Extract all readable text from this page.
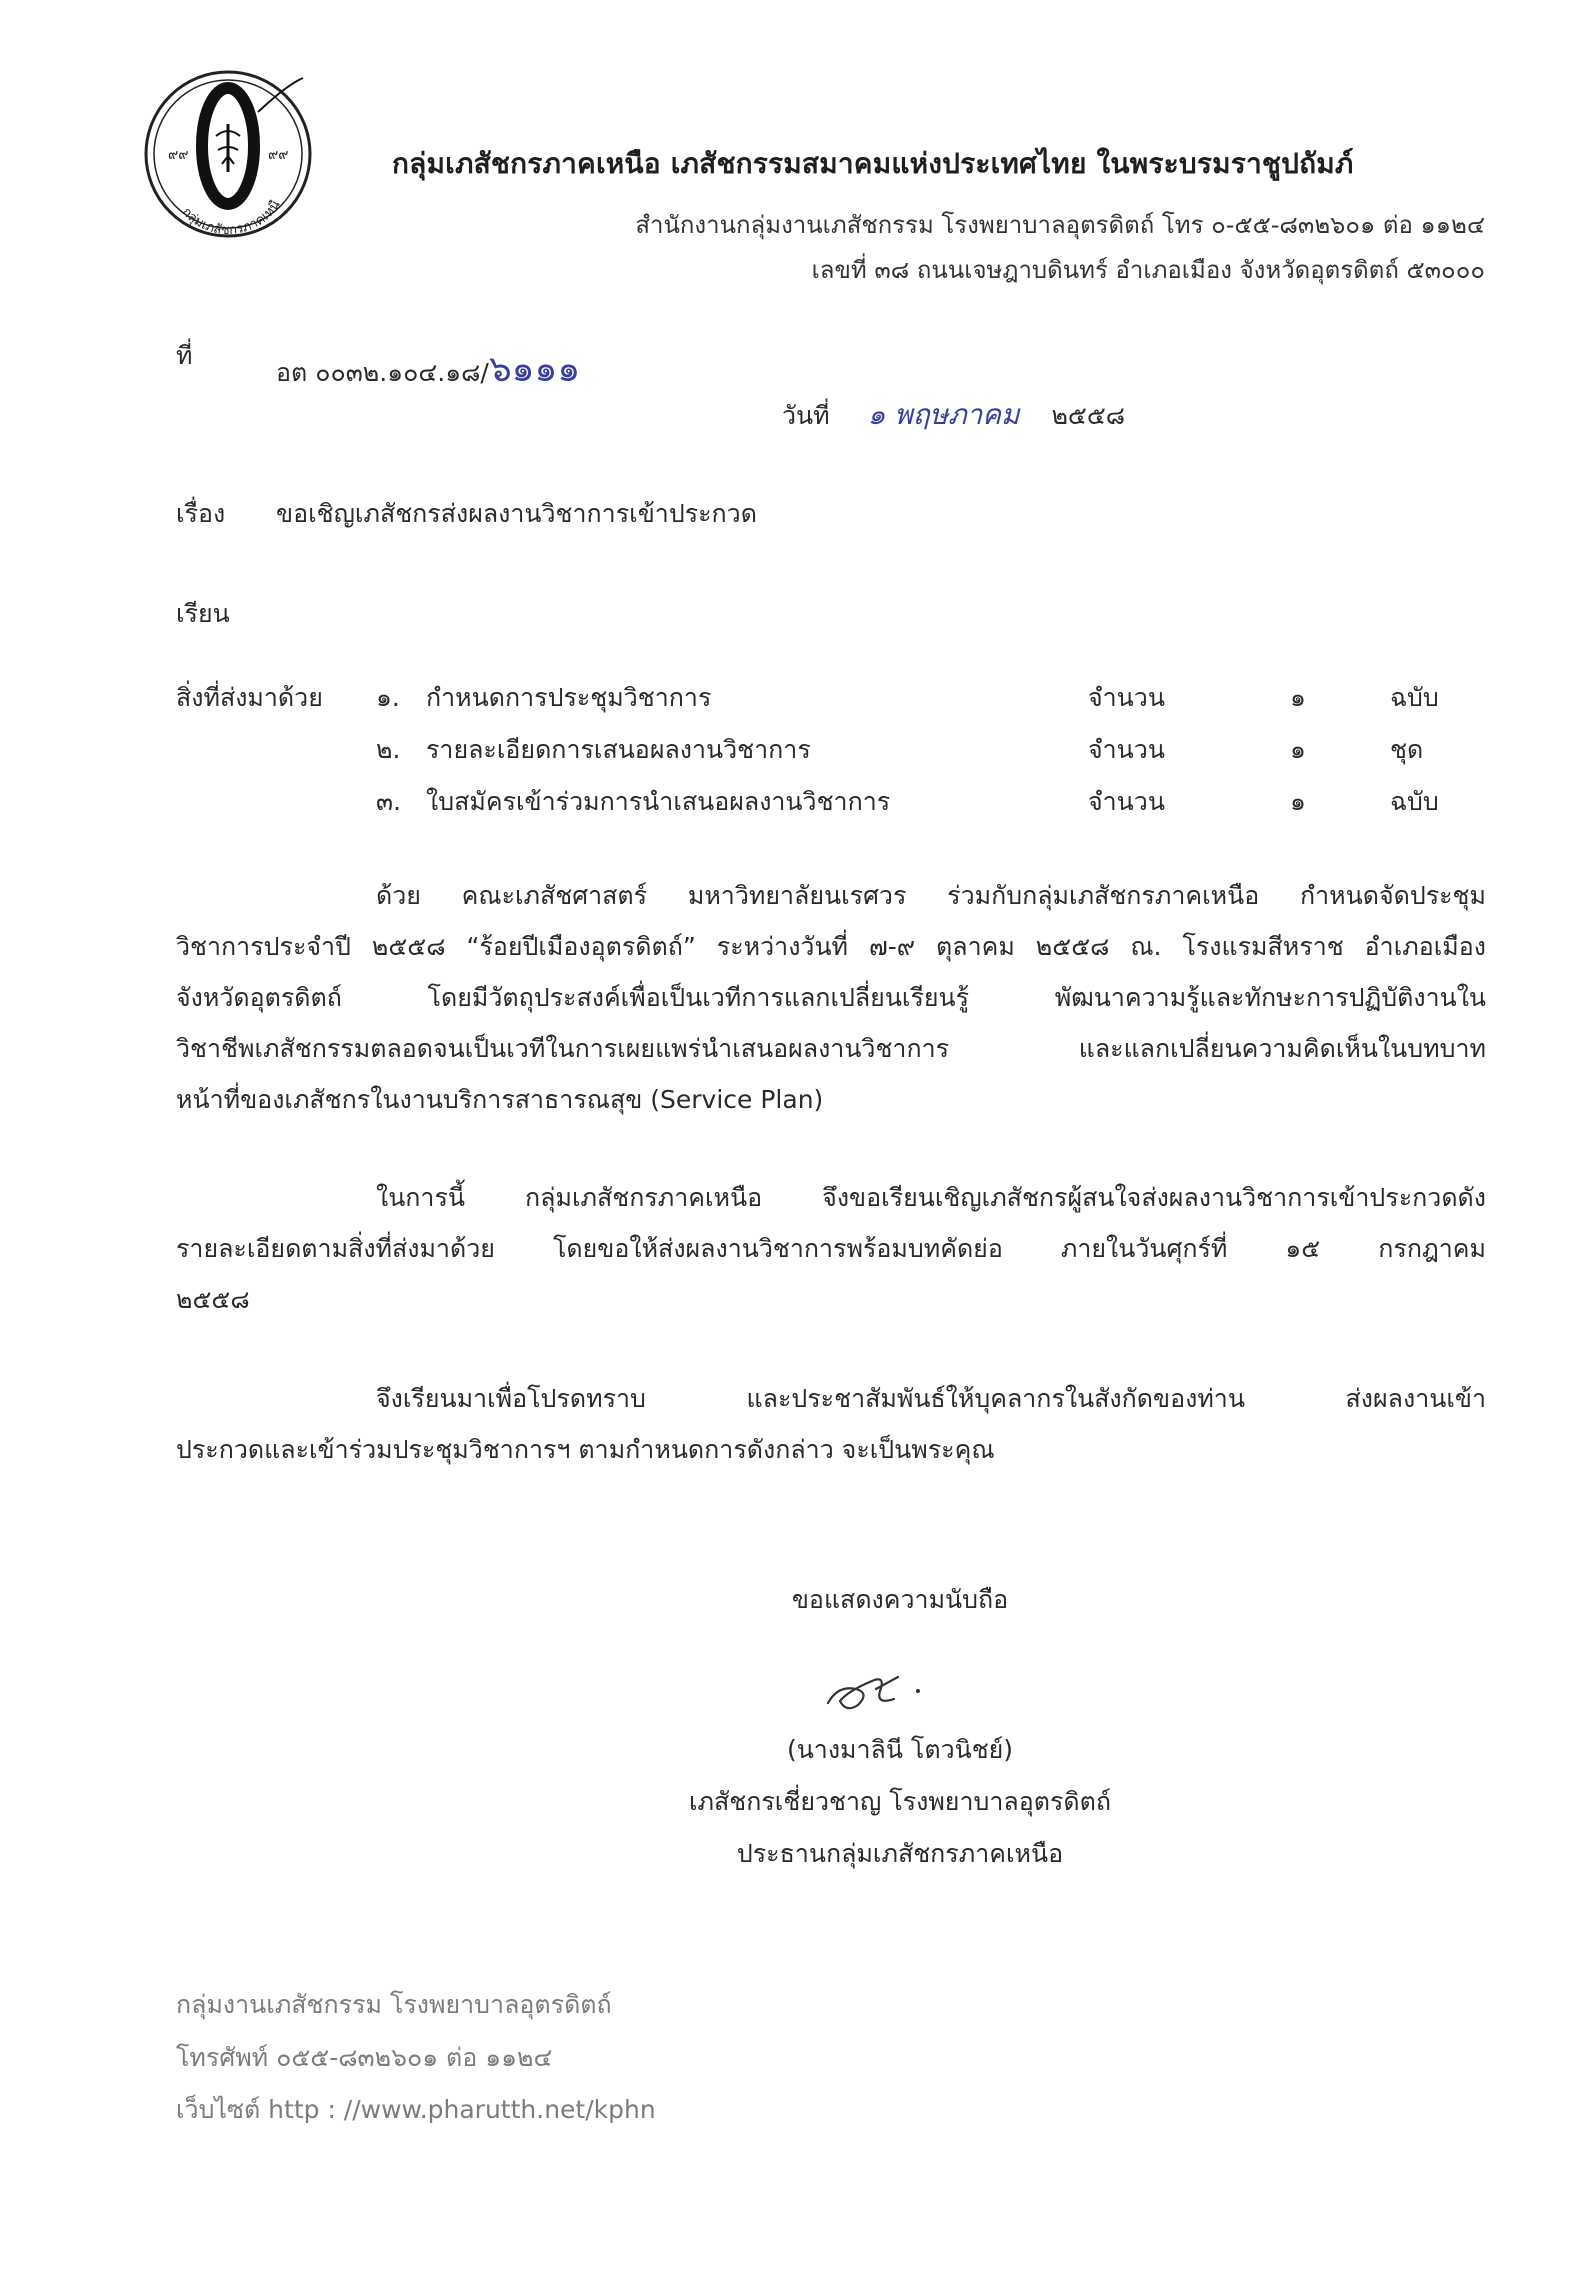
๙๙	๙๙
กลุ่มเภสัชกรภาคเหนื
กลุ่มเภสัชกรภาคเหนือ เภสัชกรรมสมาคมแห่งประเทศไทย ในพระบรมราชูปถัมภ์
สำนักงานกลุ่มงานเภสัชกรรม โรงพยาบาลอุตรดิตถ์ โทร ๐-๕๕-๘๓๒๖๐๑ ต่อ ๑๑๒๔
เลขที่ ๓๘ ถนนเจษฎาบดินทร์ อำเภอเมือง จังหวัดอุตรดิตถ์ ๕๓๐๐๐
ที่
อต ๐๐๓๒.๑๐๔.๑๘/๖๑๑๑
วันที่ ๑ พฤษภาคม ๒๕๕๘
เรื่อง ขอเชิญเภสัชกรส่งผลงานวิชาการเข้าประกวด
เรียน
สิ่งที่ส่งมาด้วย ๑. กำหนดการประชุมวิชาการ	จำนวน	๑	ฉบับ
๒. รายละเอียดการเสนอผลงานวิชาการ	จำนวน	๑	ชุด
๓. ใบสมัครเข้าร่วมการนำเสนอผลงานวิชาการ	จำนวน	๑	ฉบับ
ด้วย คณะเภสัชศาสตร์ มหาวิทยาลัยนเรศวร ร่วมกับกลุ่มเภสัชกรภาคเหนือ กำหนดจัดประชุม
วิชาการประจำปี ๒๕๕๘ “ร้อยปีเมืองอุตรดิตถ์” ระหว่างวันที่ ๗-๙ ตุลาคม ๒๕๕๘ ณ. โรงแรมสีหราช อำเภอเมือง
จังหวัดอุตรดิตถ์ โดยมีวัตถุประสงค์เพื่อเป็นเวทีการแลกเปลี่ยนเรียนรู้ พัฒนาความรู้และทักษะการปฏิบัติงานใน
วิชาชีพเภสัชกรรมตลอดจนเป็นเวทีในการเผยแพร่นำเสนอผลงานวิชาการ และแลกเปลี่ยนความคิดเห็นในบทบาท
หน้าที่ของเภสัชกรในงานบริการสาธารณสุข (Service Plan)
ในการนี้ กลุ่มเภสัชกรภาคเหนือ จึงขอเรียนเชิญเภสัชกรผู้สนใจส่งผลงานวิชาการเข้าประกวดดัง
รายละเอียดตามสิ่งที่ส่งมาด้วย โดยขอให้ส่งผลงานวิชาการพร้อมบทคัดย่อ ภายในวันศุกร์ที่ ๑๕ กรกฎาคม
๒๕๕๘
จึงเรียนมาเพื่อโปรดทราบ และประชาสัมพันธ์ให้บุคลากรในสังกัดของท่าน ส่งผลงานเข้า
ประกวดและเข้าร่วมประชุมวิชาการฯ ตามกำหนดการดังกล่าว จะเป็นพระคุณ
ขอแสดงความนับถือ
(นางมาลินี โตวนิชย์)
เภสัชกรเชี่ยวชาญ โรงพยาบาลอุตรดิตถ์
ประธานกลุ่มเภสัชกรภาคเหนือ
กลุ่มงานเภสัชกรรม โรงพยาบาลอุตรดิตถ์
โทรศัพท์ ๐๕๕-๘๓๒๖๐๑ ต่อ ๑๑๒๔
เว็บไซต์ http : //www.pharutth.net/kphn
